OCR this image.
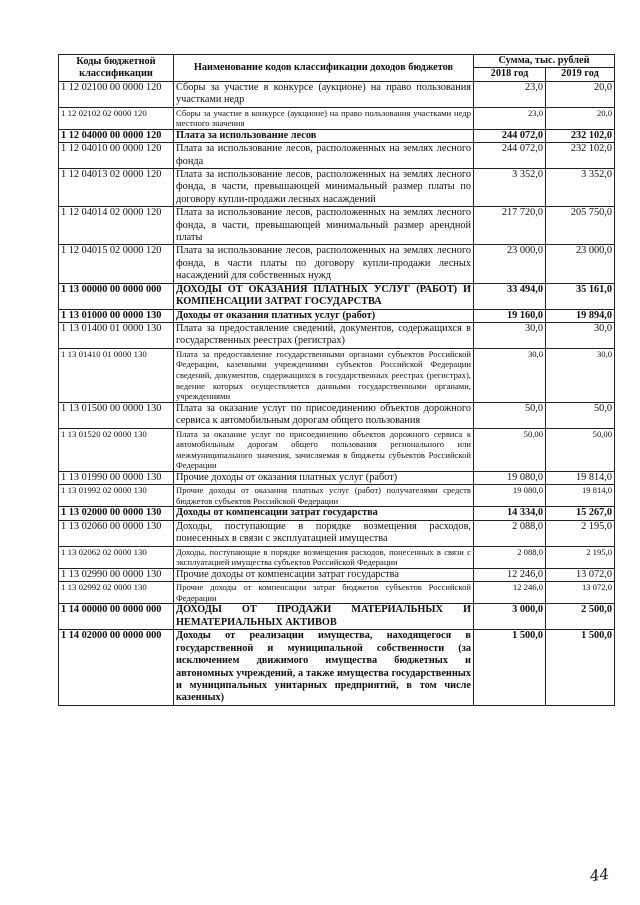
Коды бюджетной классификации	Наименование кодов классификации доходов бюджетов	Сумма, тыс. рублей	
		2018 год	2019 год
1 12 02100 00 0000 120	Сборы за участие в конкурсе (аукционе) на право пользования участками недр	23,0	20,0
1 12 02102 02 0000 120	Сборы за участие в конкурсе (аукционе) на право пользования участками недр местного значения	23,0	20,0
1 12 04000 00 0000 120	Плата за использование лесов	244 072,0	232 102,0
1 12 04010 00 0000 120	Плата за использование лесов, расположенных на землях лесного фонда	244 072,0	232 102,0
1 12 04013 02 0000 120	Плата за использование лесов, расположенных на землях лесного фонда, в части, превышающей минимальный размер платы по договору купли-продажи лесных насаждений	3 352,0	3 352,0
1 12 04014 02 0000 120	Плата за использование лесов, расположенных на землях лесного фонда, в части, превышающей минимальный размер арендной платы	217 720,0	205 750,0
1 12 04015 02 0000 120	Плата за использование лесов, расположенных на землях лесного фонда, в части платы по договору купли-продажи лесных насаждений для собственных нужд	23 000,0	23 000,0
1 13 00000 00 0000 000	ДОХОДЫ ОТ ОКАЗАНИЯ ПЛАТНЫХ УСЛУГ (РАБОТ) И КОМПЕНСАЦИИ ЗАТРАТ ГОСУДАРСТВА	33 494,0	35 161,0
1 13 01000 00 0000 130	Доходы от оказания платных услуг (работ)	19 160,0	19 894,0
1 13 01400 01 0000 130	Плата за предоставление сведений, документов, содержащихся в государственных реестрах (регистрах)	30,0	30,0
1 13 01410 01 0000 130	Плата за предоставление государственными органами субъектов Российской Федерации, казенными учреждениями субъектов Российской Федерации сведений, документов, содержащихся в государственных реестрах (регистрах), ведение которых осуществляется данными государственными органами, учреждениями	30,0	30,0
1 13 01500 00 0000 130	Плата за оказание услуг по присоединению объектов дорожного сервиса к автомобильным дорогам общего пользования	50,0	50,0
1 13 01520 02 0000 130	Плата за оказание услуг по присоединению объектов дорожного сервиса к автомобильным дорогам общего пользования регионального или межмуниципального значения, зачисляемая в бюджеты субъектов Российской Федерации	50,00	50,00
1 13 01990 00 0000 130	Прочие доходы от оказания платных услуг (работ)	19 080,0	19 814,0
1 13 01992 02 0000 130	Прочие доходы от оказания платных услуг (работ) получателями средств бюджетов субъектов Российской Федерации	19 080,0	19 814,0
1 13 02000 00 0000 130	Доходы от компенсации затрат государства	14 334,0	15 267,0
1 13 02060 00 0000 130	Доходы, поступающие в порядке возмещения расходов, понесенных в связи с эксплуатацией имущества	2 088,0	2 195,0
1 13 02062 02 0000 130	Доходы, поступающие в порядке возмещения расходов, понесенных в связи с эксплуатацией имущества субъектов Российской Федерации	2 088,0	2 195,0
1 13 02990 00 0000 130	Прочие доходы от компенсации затрат государства	12 246,0	13 072,0
1 13 02992 02 0000 130	Прочие доходы от компенсации затрат бюджетов субъектов Российской Федерации	12 246,0	13 072,0
1 14 00000 00 0000 000	ДОХОДЫ ОТ ПРОДАЖИ МАТЕРИАЛЬНЫХ И НЕМАТЕРИАЛЬНЫХ АКТИВОВ	3 000,0	2 500,0
1 14 02000 00 0000 000	Доходы от реализации имущества, находящегося в государственной и муниципальной собственности (за исключением движимого имущества бюджетных и автономных учреждений, а также имущества государственных и муниципальных унитарных предприятий, в том числе казенных)	1 500,0	1 500,0
44
